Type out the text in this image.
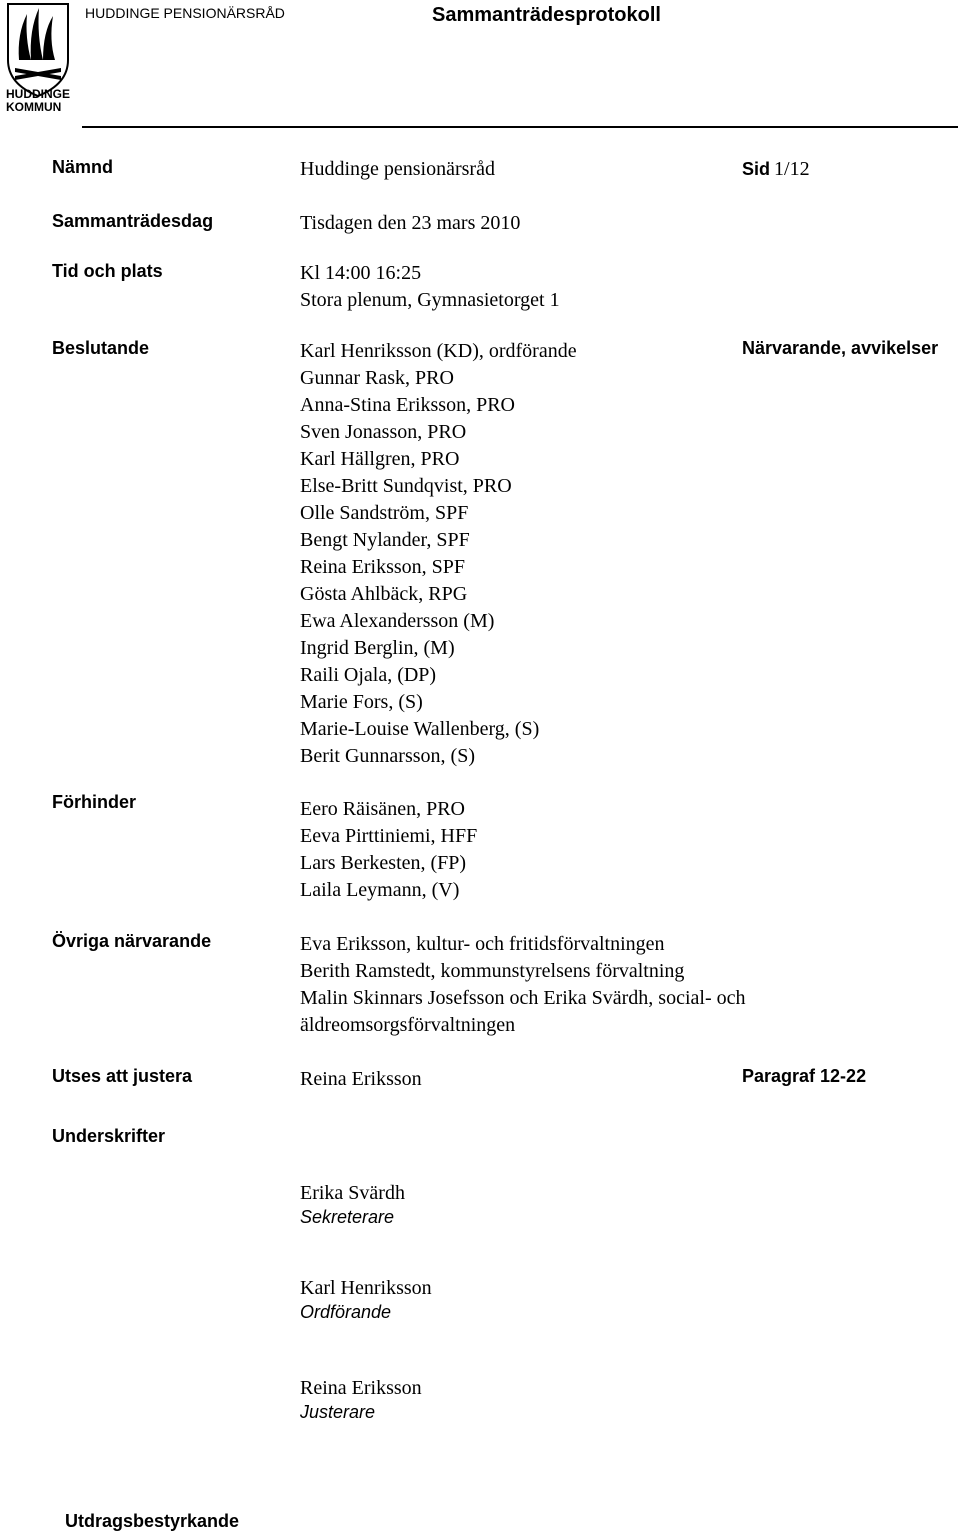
HUDDINGE
KOMMUN
HUDDINGE PENSIONÄRSRÅD	Sammanträdesprotokoll
Nämnd	Huddinge pensionärsråd	Sid 1/12
Sammanträdesdag	Tisdagen den 23 mars 2010
Tid och plats	Kl 14:00 16:25
Stora plenum, Gymnasietorget 1
Beslutande	Närvarande, avvikelser
Karl Henriksson (KD), ordförande
Gunnar Rask, PRO
Anna-Stina Eriksson, PRO
Sven Jonasson, PRO
Karl Hällgren, PRO
Else-Britt Sundqvist, PRO
Olle Sandström, SPF
Bengt Nylander, SPF
Reina Eriksson, SPF
Gösta Ahlbäck, RPG
Ewa Alexandersson (M)
Ingrid Berglin, (M)
Raili Ojala, (DP)
Marie Fors, (S)
Marie-Louise Wallenberg, (S)
Berit Gunnarsson, (S)
Förhinder	Eero Räisänen, PRO
Eeva Pirttiniemi, HFF
Lars Berkesten, (FP)
Laila Leymann, (V)
Övriga närvarande	Eva Eriksson, kultur- och fritidsförvaltningen
Berith Ramstedt, kommunstyrelsens förvaltning
Malin Skinnars Josefsson och Erika Svärdh, social- och
äldreomsorgsförvaltningen
Utses att justera	Reina Eriksson	Paragraf 12-22
Underskrifter
Erika Svärdh
Sekreterare
Karl Henriksson
Ordförande
Reina Eriksson
Justerare
Utdragsbestyrkande
